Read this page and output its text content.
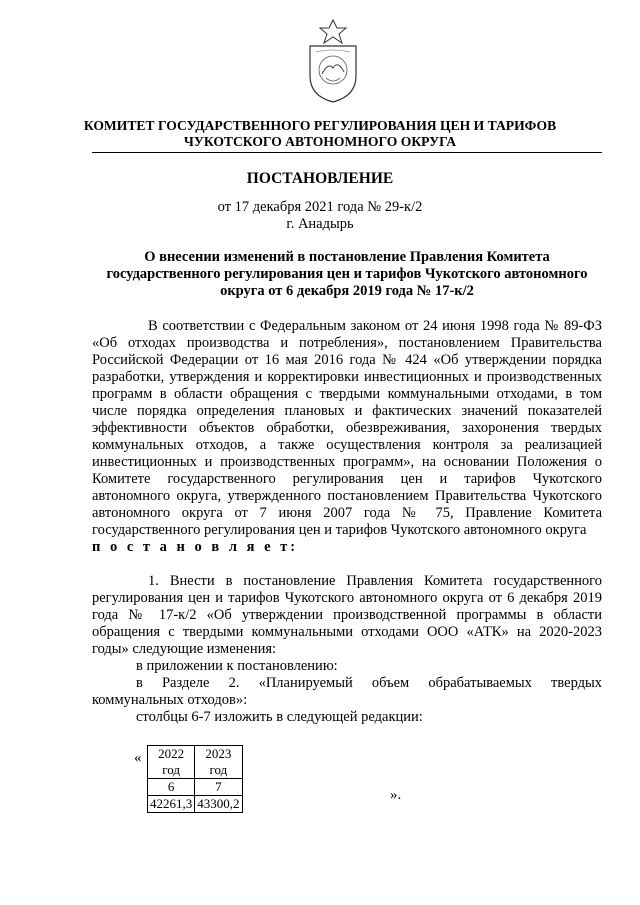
КОМИТЕТ ГОСУДАРСТВЕННОГО РЕГУЛИРОВАНИЯ ЦЕН И ТАРИФОВ
ЧУКОТСКОГО АВТОНОМНОГО ОКРУГА
ПОСТАНОВЛЕНИЕ
от 17 декабря 2021 года № 29-к/2
г. Анадырь
О внесении изменений в постановление Правления Комитета государственного регулирования цен и тарифов Чукотского автономного округа от 6 декабря 2019 года № 17-к/2

В соответствии с Федеральным законом от 24 июня 1998 года № 89-ФЗ «Об отходах производства и потребления», постановлением Правительства Российской Федерации от 16 мая 2016 года № 424 «Об утверждении порядка разработки, утверждения и корректировки инвестиционных и производственных программ в области обращения с твердыми коммунальными отходами, в том числе порядка определения плановых и фактических значений показателей эффективности объектов обработки, обезвреживания, захоронения твердых коммунальных отходов, а также осуществления контроля за реализацией инвестиционных и производственных программ», на основании Положения о Комитете государственного регулирования цен и тарифов Чукотского автономного округа, утвержденного постановлением Правительства Чукотского автономного округа от 7 июня 2007 года № 75, Правление Комитета государственного регулирования цен и тарифов Чукотского автономного округа

п о с т а н о в л я е т:

1. Внести в постановление Правления Комитета государственного регулирования цен и тарифов Чукотского автономного округа от 6 декабря 2019 года № 17-к/2 «Об утверждении производственной программы в области обращения с твердыми коммунальными отходами ООО «АТК» на 2020-2023 годы» следующие изменения:

в приложении к постановлению:

в Разделе 2. «Планируемый объем обрабатываемых твердых коммунальных отходов»:

столбцы 6-7 изложить в следующей редакции:

« 2022 год	2023 год
6	7
42261,3	43300,2
».
